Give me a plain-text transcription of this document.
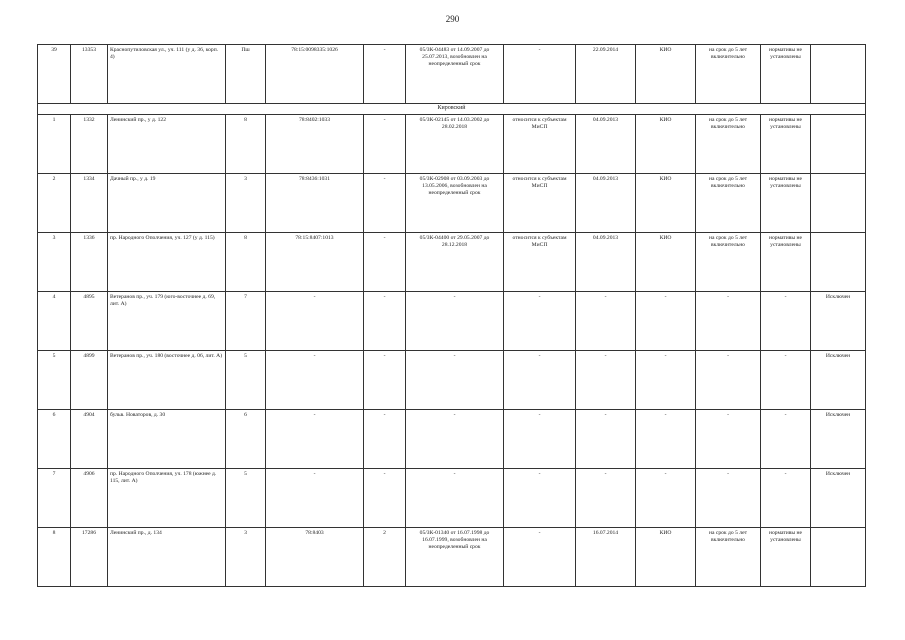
290
39	13353	Краснопутиловская ул., уч. 111 (у д. 36, корп. 4)	Пш	78:15:0098335:1026	-	05/ЗК-04483 от 14.09.2007 до 25.07.2013, возобновлен на неопределенный срок	-	22.09.2014	КИО	на срок до 5 лет включительно	нормативы не установлены	
Кировский												
1	1332	Ленинский пр., у д. 122	8	78:8402:1033	-	05/ЗК-02145 от 14.03.2002 до 28.02.2018	относится к субъектам МиСП	04.09.2013	КИО	на срок до 5 лет включительно	нормативы не установлены	
2	1334	Дачный пр., у д. 19	3	78:8436:1031	-	05/ЗК-02908 от 03.09.2003 до 13.05.2006, возобновлен на неопределенный срок	относится к субъектам МиСП	04.09.2013	КИО	на срок до 5 лет включительно	нормативы не установлены	
3	1336	пр. Народного Ополчения, уч. 127 (у д. 115)	8	78:15:8407:1013	-	05/ЗК-04400 от 29.05.2007 до 28.12.2018	относится к субъектам МиСП	04.09.2013	КИО	на срок до 5 лет включительно	нормативы не установлены	
4	4895	Ветеранов пр., уч. 179 (юго-восточнее д. 69, лит. А)	7	-	-	-	-	-	-	-	-	Исключен
5	4899	Ветеранов пр., уч. 180 (восточнее д. 06, лит. А)	5	-	-	-	-	-	-	-	-	Исключен
6	4904	бульв. Новаторов, д. 30	6	-	-	-	-	-	-	-	-	Исключен
7	4906	пр. Народного Ополчения, уч. 178 (южнее д. 115, лит. А)	5	-	-	-	-	-	-	-	-	Исключен
8	17286	Ленинский пр., д. 134	3	78:8403	2	05/ЗК-01340 от 16.07.1998 до 16.07.1999, возобновлен на неопределенный срок	-	16.07.2014	КИО	на срок до 5 лет включительно	нормативы не установлены	
